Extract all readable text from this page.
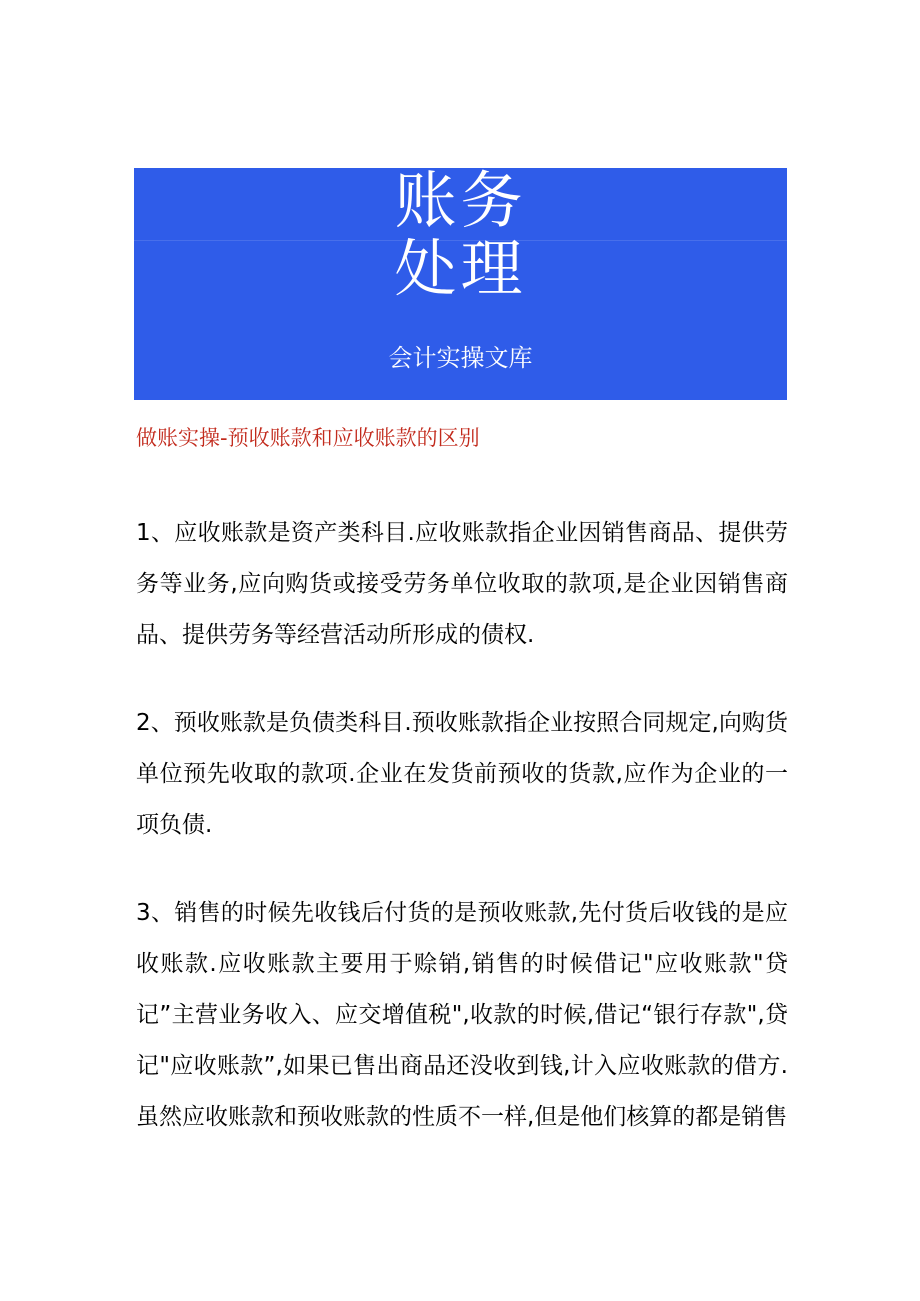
账务
处理
会计实操文库
做账实操-预收账款和应收账款的区别

1、应收账款是资产类科目.应收账款指企业因销售商品、提供劳务等业务,应向购货或接受劳务单位收取的款项,是企业因销售商品、提供劳务等经营活动所形成的债权.

2、预收账款是负债类科目.预收账款指企业按照合同规定,向购货单位预先收取的款项.企业在发货前预收的货款,应作为企业的一项负债.

3、销售的时候先收钱后付货的是预收账款,先付货后收钱的是应收账款.应收账款主要用于赊销,销售的时候借记"应收账款"贷记”主营业务收入、应交增值税",收款的时候,借记“银行存款",贷记"应收账款”,如果已售出商品还没收到钱,计入应收账款的借方.虽然应收账款和预收账款的性质不一样,但是他们核算的都是销售
